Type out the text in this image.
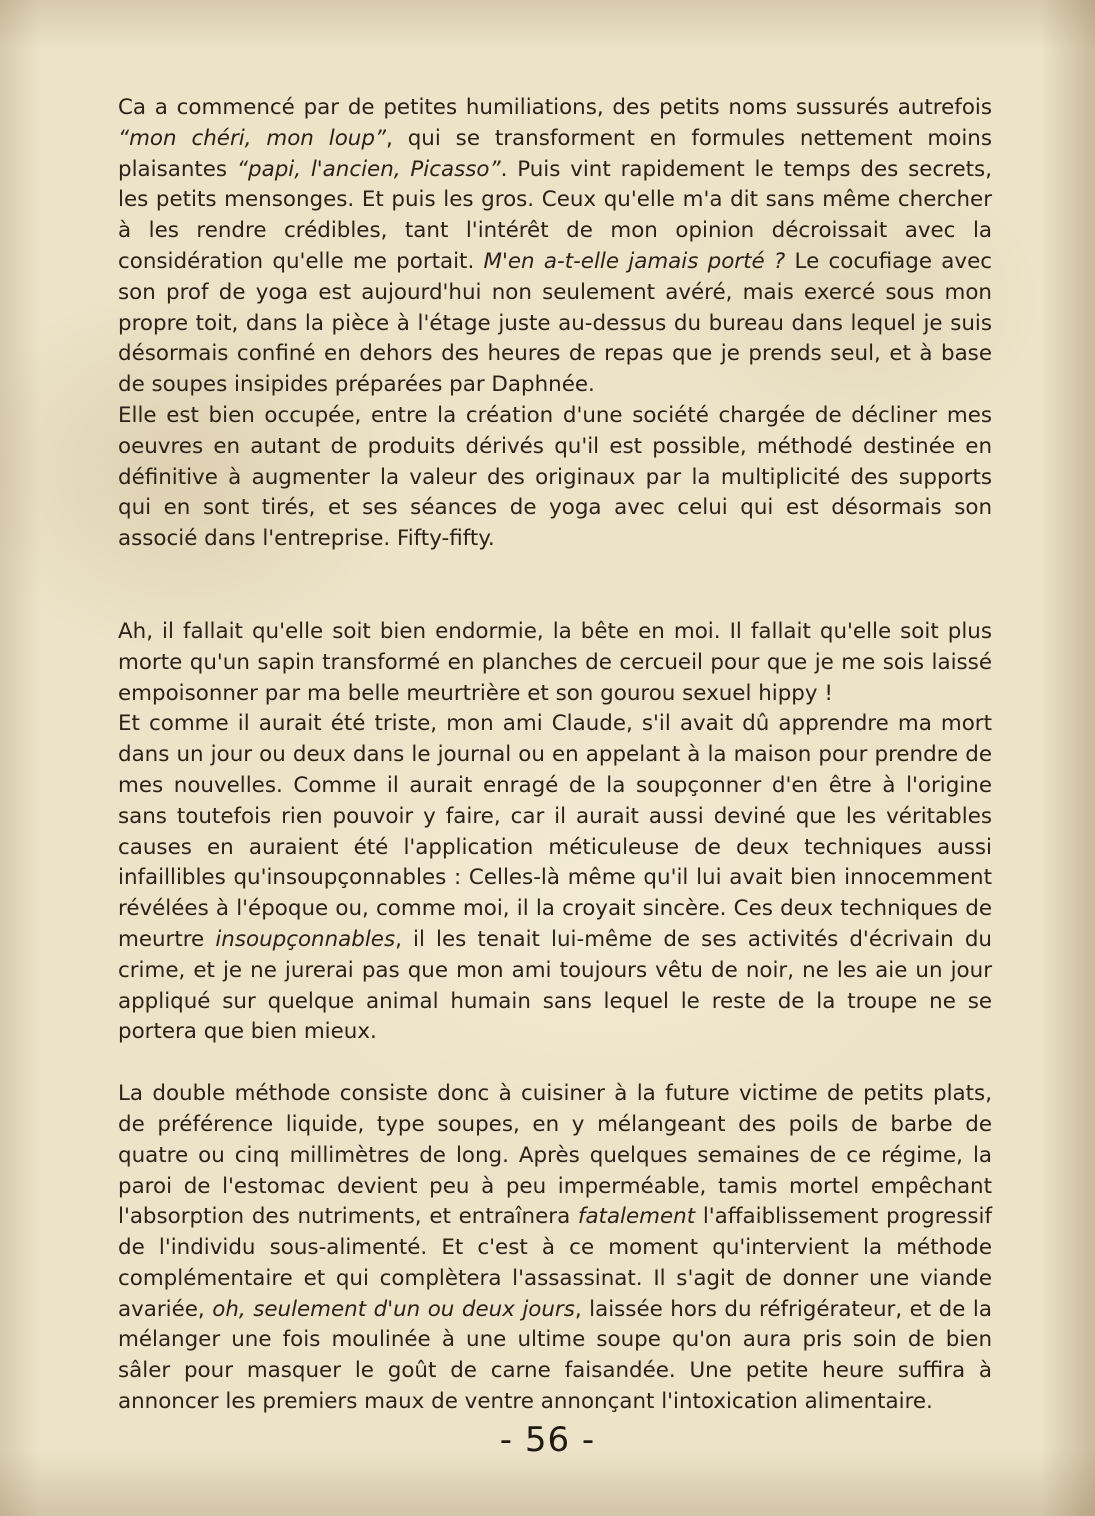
Ca a commencé par de petites humiliations, des petits noms sussurés autrefois “mon chéri, mon loup”, qui se transforment en formules nettement moins plaisantes “papi, l'ancien, Picasso”. Puis vint rapidement le temps des secrets, les petits mensonges. Et puis les gros. Ceux qu'elle m'a dit sans même chercher à les rendre crédibles, tant l'intérêt de mon opinion décroissait avec la considération qu'elle me portait. M'en a-t-elle jamais porté ? Le cocufiage avec son prof de yoga est aujourd'hui non seulement avéré, mais exercé sous mon propre toit, dans la pièce à l'étage juste au-dessus du bureau dans lequel je suis désormais confiné en dehors des heures de repas que je prends seul, et à base de soupes insipides préparées par Daphnée.

Elle est bien occupée, entre la création d'une société chargée de décliner mes oeuvres en autant de produits dérivés qu'il est possible, méthodé destinée en définitive à augmenter la valeur des originaux par la multiplicité des supports qui en sont tirés, et ses séances de yoga avec celui qui est désormais son associé dans l'entreprise. Fifty-fifty.

Ah, il fallait qu'elle soit bien endormie, la bête en moi. Il fallait qu'elle soit plus morte qu'un sapin transformé en planches de cercueil pour que je me sois laissé empoisonner par ma belle meurtrière et son gourou sexuel hippy !

Et comme il aurait été triste, mon ami Claude, s'il avait dû apprendre ma mort dans un jour ou deux dans le journal ou en appelant à la maison pour prendre de mes nouvelles. Comme il aurait enragé de la soupçonner d'en être à l'origine sans toutefois rien pouvoir y faire, car il aurait aussi deviné que les véritables causes en auraient été l'application méticuleuse de deux techniques aussi infaillibles qu'insoupçonnables : Celles-là même qu'il lui avait bien innocemment révélées à l'époque ou, comme moi, il la croyait sincère. Ces deux techniques de meurtre insoupçonnables, il les tenait lui-même de ses activités d'écrivain du crime, et je ne jurerai pas que mon ami toujours vêtu de noir, ne les aie un jour appliqué sur quelque animal humain sans lequel le reste de la troupe ne se portera que bien mieux.

La double méthode consiste donc à cuisiner à la future victime de petits plats, de préférence liquide, type soupes, en y mélangeant des poils de barbe de quatre ou cinq millimètres de long. Après quelques semaines de ce régime, la paroi de l'estomac devient peu à peu imperméable, tamis mortel empêchant l'absorption des nutriments, et entraînera fatalement l'affaiblissement progressif de l'individu sous-alimenté. Et c'est à ce moment qu'intervient la méthode complémentaire et qui complètera l'assassinat. Il s'agit de donner une viande avariée, oh, seulement d'un ou deux jours, laissée hors du réfrigérateur, et de la mélanger une fois moulinée à une ultime soupe qu'on aura pris soin de bien sâler pour masquer le goût de carne faisandée. Une petite heure suffira à annoncer les premiers maux de ventre annonçant l'intoxication alimentaire.

- 56 -
